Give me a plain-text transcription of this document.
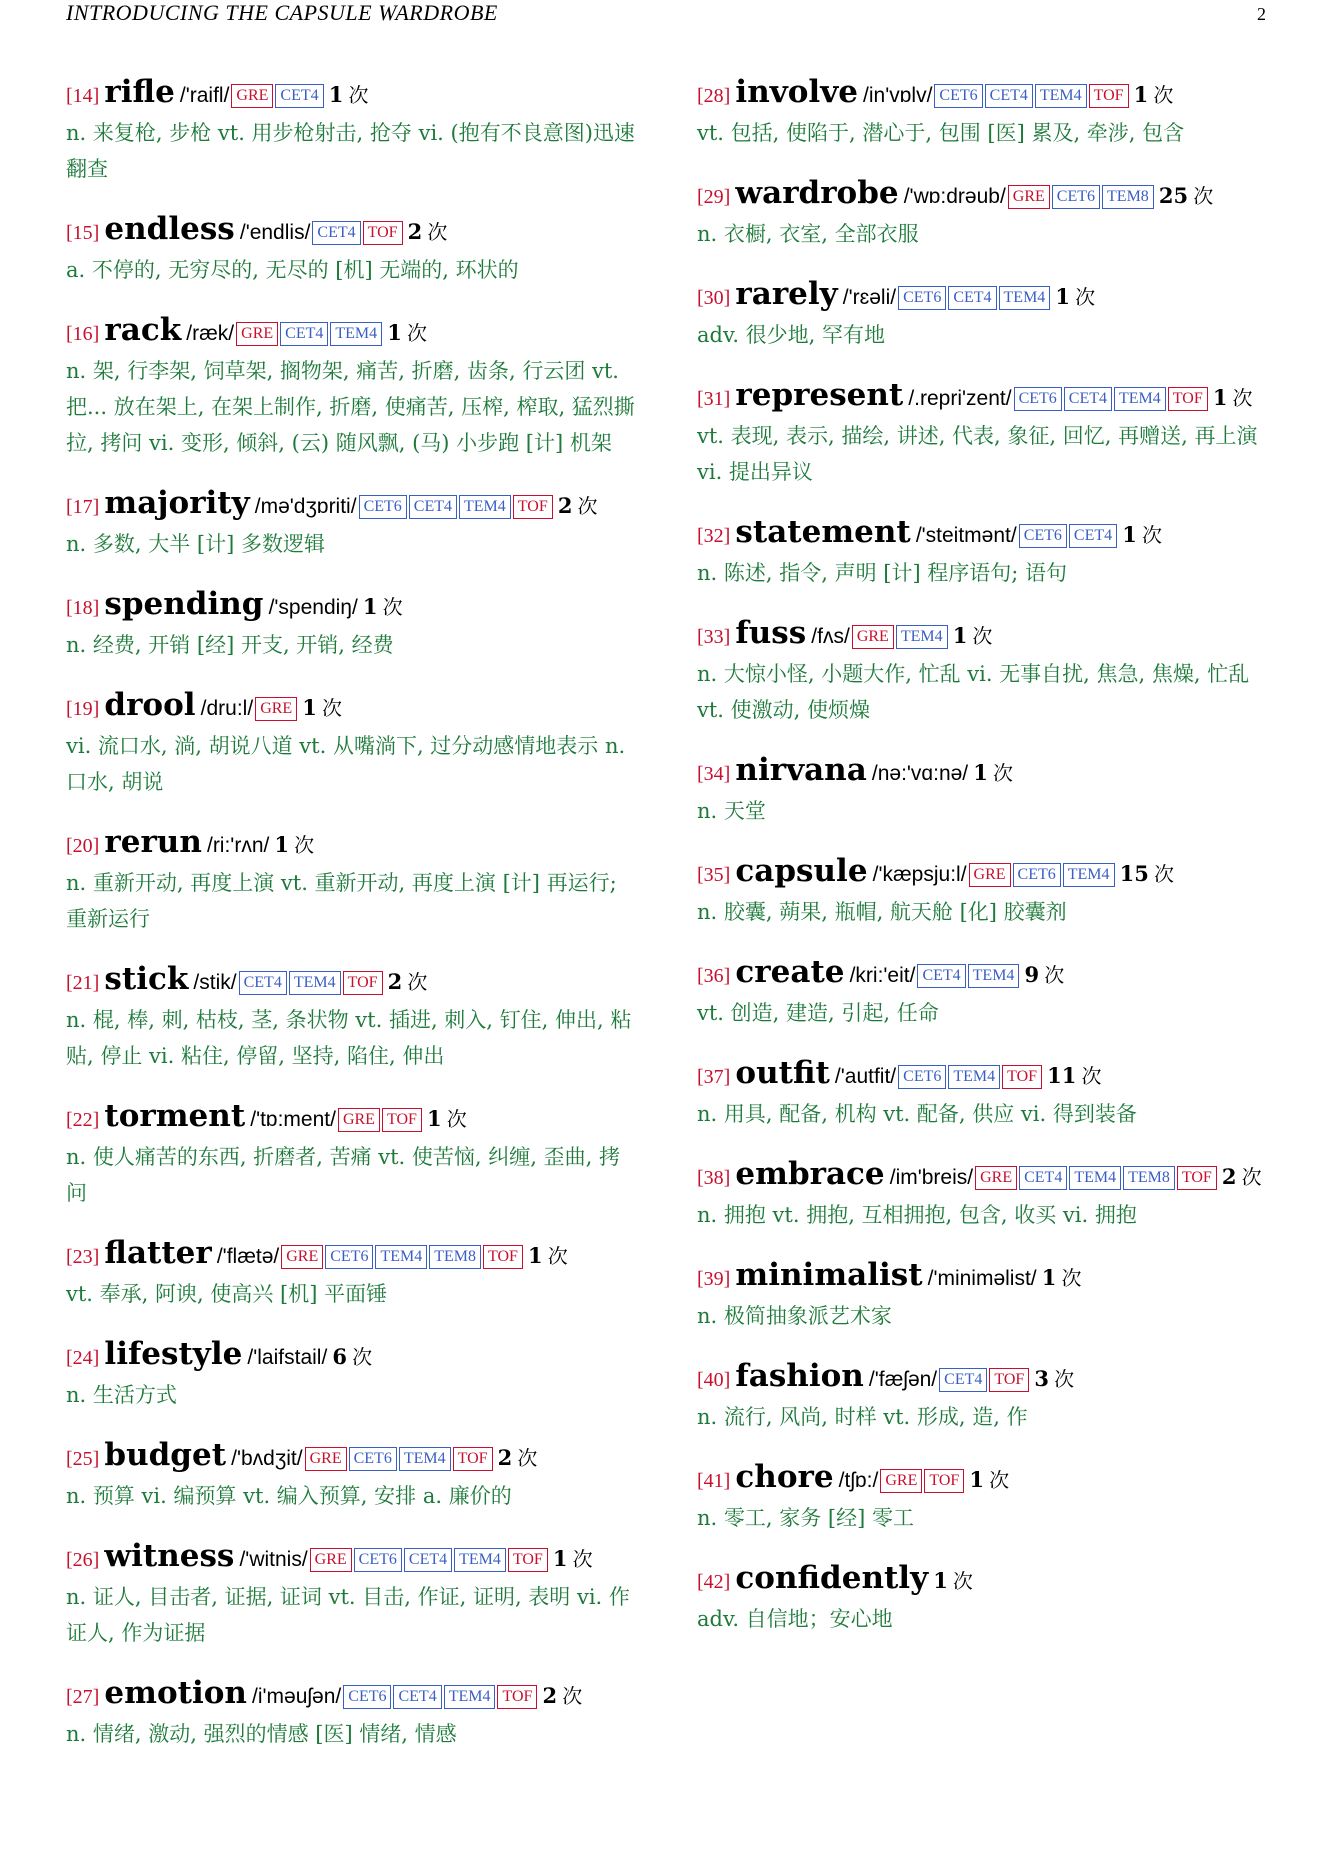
INTRODUCING THE CAPSULE WARDROBE	2
[14] rifle /'raifl/ GRE CET4 1 次
n. 来复枪, 步枪 vt. 用步枪射击, 抢夺 vi. (抱有不良意图)迅速翻查
[15] endless /'endlis/ CET4 TOF 2 次
a. 不停的, 无穷尽的, 无尽的 [机] 无端的, 环状的
[16] rack /ræk/ GRE CET4 TEM4 1 次
n. 架, 行李架, 饲草架, 搁物架, 痛苦, 折磨, 齿条, 行云团 vt. 把... 放在架上, 在架上制作, 折磨, 使痛苦, 压榨, 榨取, 猛烈撕拉, 拷问 vi. 变形, 倾斜, (云) 随风飘, (马) 小步跑 [计] 机架
[17] majority /mə'dʒɒriti/ CET6 CET4 TEM4 TOF 2 次
n. 多数, 大半 [计] 多数逻辑
[18] spending /'spendiŋ/ 1 次
n. 经费, 开销 [经] 开支, 开销, 经费
[19] drool /dru:l/ GRE 1 次
vi. 流口水, 淌, 胡说八道 vt. 从嘴淌下, 过分动感情地表示 n. 口水, 胡说
[20] rerun /ri:'rʌn/ 1 次
n. 重新开动, 再度上演 vt. 重新开动, 再度上演 [计] 再运行; 重新运行
[21] stick /stik/ CET4 TEM4 TOF 2 次
n. 棍, 棒, 刺, 枯枝, 茎, 条状物 vt. 插进, 刺入, 钉住, 伸出, 粘贴, 停止 vi. 粘住, 停留, 坚持, 陷住, 伸出
[22] torment /'tɒ:ment/ GRE TOF 1 次
n. 使人痛苦的东西, 折磨者, 苦痛 vt. 使苦恼, 纠缠, 歪曲, 拷问
[23] flatter /'flætə/ GRE CET6 TEM4 TEM8 TOF 1 次
vt. 奉承, 阿谀, 使高兴 [机] 平面锤
[24] lifestyle /'laifstail/ 6 次
n. 生活方式
[25] budget /'bʌdʒit/ GRE CET6 TEM4 TOF 2 次
n. 预算 vi. 编预算 vt. 编入预算, 安排 a. 廉价的
[26] witness /'witnis/ GRE CET6 CET4 TEM4 TOF 1 次
n. 证人, 目击者, 证据, 证词 vt. 目击, 作证, 证明, 表明 vi. 作证人, 作为证据
[27] emotion /i'məuʃən/ CET6 CET4 TEM4 TOF 2 次
n. 情绪, 激动, 强烈的情感 [医] 情绪, 情感
[28] involve /in'vɒlv/ CET6 CET4 TEM4 TOF 1 次
vt. 包括, 使陷于, 潜心于, 包围 [医] 累及, 牵涉, 包含
[29] wardrobe /'wɒ:drəub/ GRE CET6 TEM8 25 次
n. 衣橱, 衣室, 全部衣服
[30] rarely /'rɛəli/ CET6 CET4 TEM4 1 次
adv. 很少地, 罕有地
[31] represent /.repri'zent/ CET6 CET4 TEM4 TOF 1 次
vt. 表现, 表示, 描绘, 讲述, 代表, 象征, 回忆, 再赠送, 再上演 vi. 提出异议
[32] statement /'steitmənt/ CET6 CET4 1 次
n. 陈述, 指令, 声明 [计] 程序语句; 语句
[33] fuss /fʌs/ GRE TEM4 1 次
n. 大惊小怪, 小题大作, 忙乱 vi. 无事自扰, 焦急, 焦燥, 忙乱 vt. 使激动, 使烦燥
[34] nirvana /nə:'vɑ:nə/ 1 次
n. 天堂
[35] capsule /'kæpsju:l/ GRE CET6 TEM4 15 次
n. 胶囊, 蒴果, 瓶帽, 航天舱 [化] 胶囊剂
[36] create /kri:'eit/ CET4 TEM4 9 次
vt. 创造, 建造, 引起, 任命
[37] outfit /'autfit/ CET6 TEM4 TOF 11 次
n. 用具, 配备, 机构 vt. 配备, 供应 vi. 得到装备
[38] embrace /im'breis/ GRE CET4 TEM4 TEM8 TOF 2 次
n. 拥抱 vt. 拥抱, 互相拥抱, 包含, 收买 vi. 拥抱
[39] minimalist /'minimәlist/ 1 次
n. 极简抽象派艺术家
[40] fashion /'fæʃən/ CET4 TOF 3 次
n. 流行, 风尚, 时样 vt. 形成, 造, 作
[41] chore /tʃɒ:/ GRE TOF 1 次
n. 零工, 家务 [经] 零工
[42] confidently 1 次
adv. 自信地；安心地
